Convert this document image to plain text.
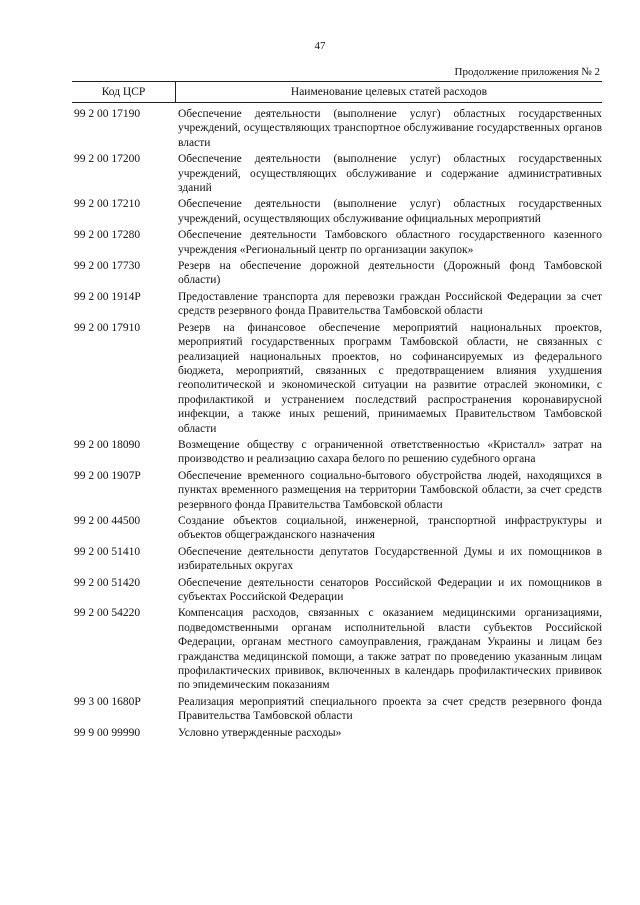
47
Продолжение приложения № 2
Код ЦСР	Наименование целевых статей расходов
99 2 00 17190	Обеспечение деятельности (выполнение услуг) областных государственных учреждений, осуществляющих транспортное обслуживание государственных органов власти
99 2 00 17200	Обеспечение деятельности (выполнение услуг) областных государственных учреждений, осуществляющих обслуживание и содержание административных зданий
99 2 00 17210	Обеспечение деятельности (выполнение услуг) областных государственных учреждений, осуществляющих обслуживание официальных мероприятий
99 2 00 17280	Обеспечение деятельности Тамбовского областного государственного казенного учреждения «Региональный центр по организации закупок»
99 2 00 17730	Резерв на обеспечение дорожной деятельности (Дорожный фонд Тамбовской области)
99 2 00 1914Р	Предоставление транспорта для перевозки граждан Российской Федерации за счет средств резервного фонда Правительства Тамбовской области
99 2 00 17910	Резерв на финансовое обеспечение мероприятий национальных проектов, мероприятий государственных программ Тамбовской области, не связанных с реализацией национальных проектов, но софинансируемых из федерального бюджета, мероприятий, связанных с предотвращением влияния ухудшения геополитической и экономической ситуации на развитие отраслей экономики, с профилактикой и устранением последствий распространения коронавирусной инфекции, а также иных решений, принимаемых Правительством Тамбовской области
99 2 00 18090	Возмещение обществу с ограниченной ответственностью «Кристалл» затрат на производство и реализацию сахара белого по решению судебного органа
99 2 00 1907Р	Обеспечение временного социально-бытового обустройства людей, находящихся в пунктах временного размещения на территории Тамбовской области, за счет средств резервного фонда Правительства Тамбовской области
99 2 00 44500	Создание объектов социальной, инженерной, транспортной инфраструктуры и объектов общегражданского назначения
99 2 00 51410	Обеспечение деятельности депутатов Государственной Думы и их помощников в избирательных округах
99 2 00 51420	Обеспечение деятельности сенаторов Российской Федерации и их помощников в субъектах Российской Федерации
99 2 00 54220	Компенсация расходов, связанных с оказанием медицинскими организациями, подведомственными органам исполнительной власти субъектов Российской Федерации, органам местного самоуправления, гражданам Украины и лицам без гражданства медицинской помощи, а также затрат по проведению указанным лицам профилактических прививок, включенных в календарь профилактических прививок по эпидемическим показаниям
99 3 00 1680Р	Реализация мероприятий специального проекта за счет средств резервного фонда Правительства Тамбовской области
99 9 00 99990	Условно утвержденные расходы»
